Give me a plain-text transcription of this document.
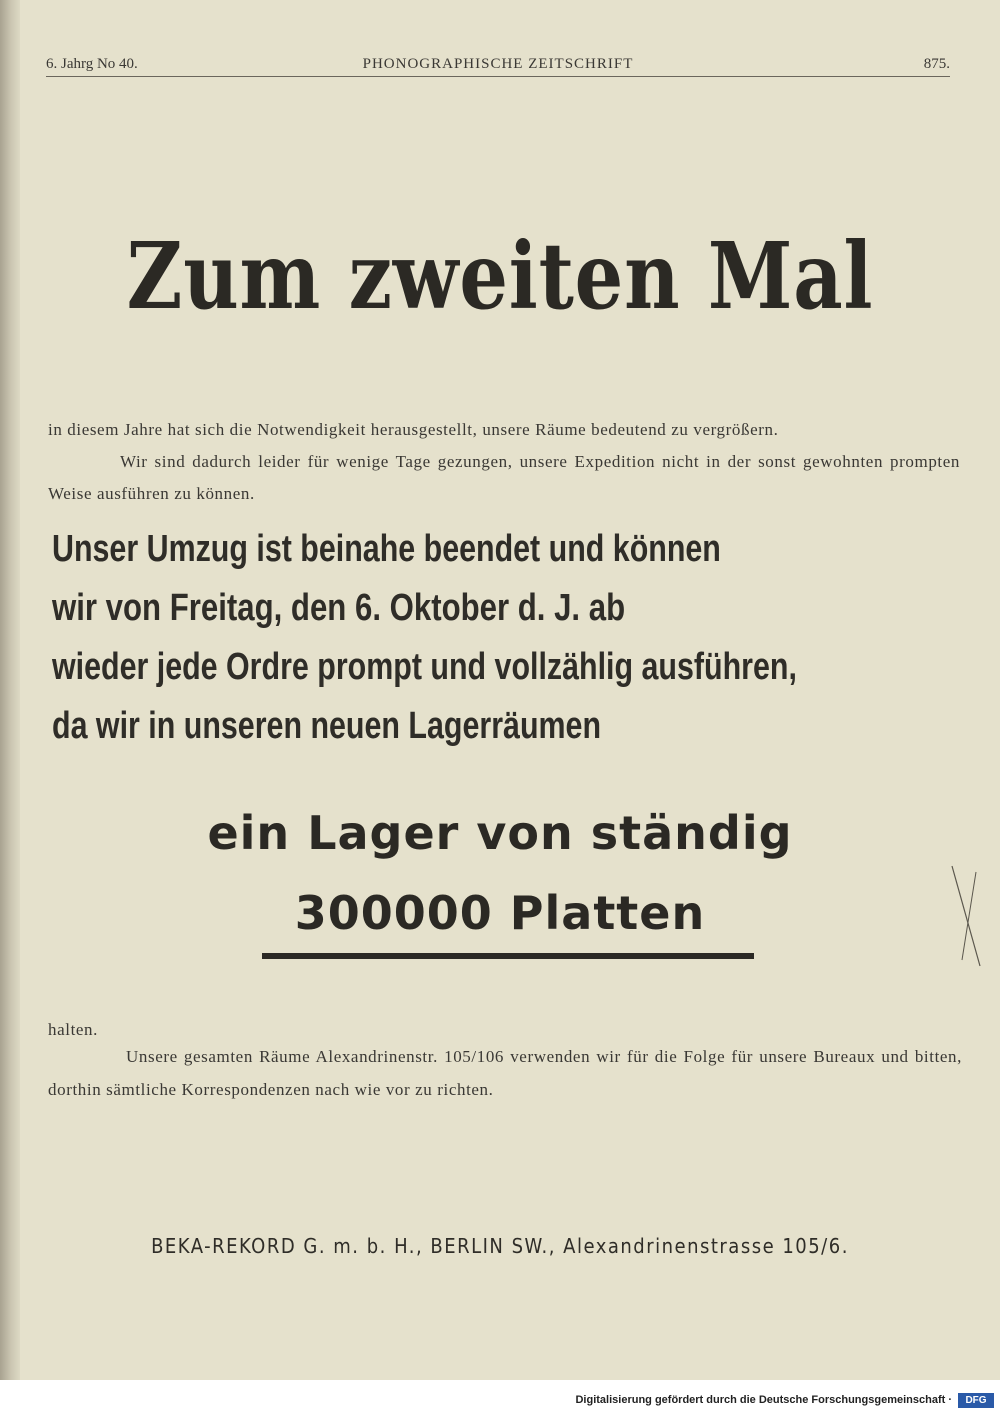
6. Jahrg No 40.	PHONOGRAPHISCHE ZEITSCHRIFT	875.
Zum zweiten Mal
in diesem Jahre hat sich die Notwendigkeit herausgestellt, unsere Räume bedeutend zu vergrößern.
Wir sind dadurch leider für wenige Tage gezungen, unsere Expedition nicht in der sonst gewohnten prompten Weise ausführen zu können.
Unser Umzug ist beinahe beendet und können
wir von Freitag, den 6. Oktober d. J. ab
wieder jede Ordre prompt und vollzählig ausführen,
da wir in unseren neuen Lagerräumen
ein Lager von ständig
300000 Platten
halten.
Unsere gesamten Räume Alexandrinenstr. 105/106 verwenden wir für die Folge für unsere Bureaux und bitten, dorthin sämtliche Korrespondenzen nach wie vor zu richten.
BEKA-REKORD G. m. b. H., BERLIN SW., Alexandrinenstrasse 105/6.
Digitalisierung gefördert durch die Deutsche Forschungsgemeinschaft ·	DFG
